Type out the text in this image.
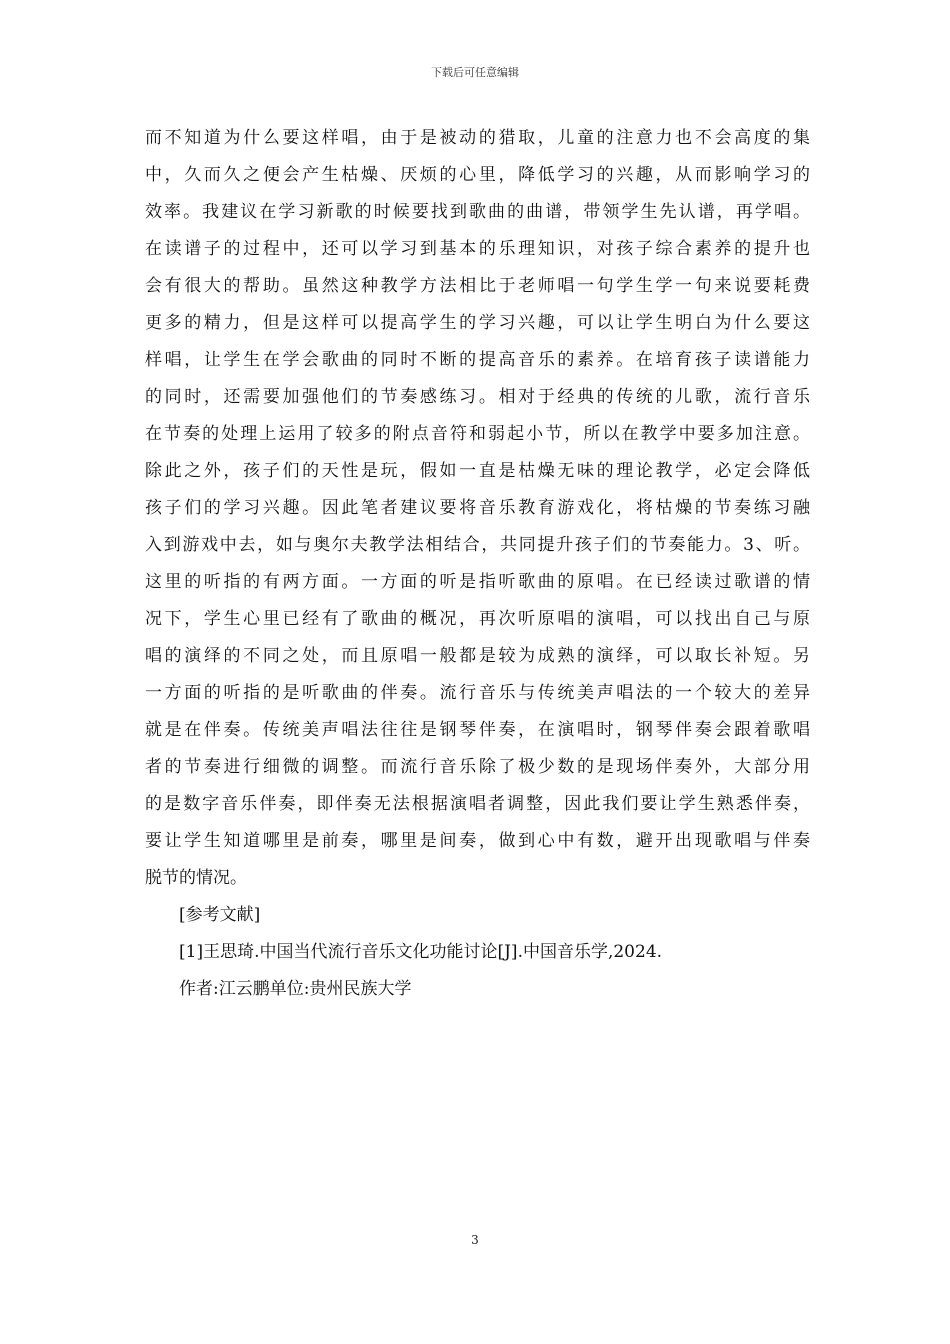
下载后可任意编辑
而不知道为什么要这样唱，由于是被动的猎取，儿童的注意力也不会高度的集
中，久而久之便会产生枯燥、厌烦的心里，降低学习的兴趣，从而影响学习的
效率。我建议在学习新歌的时候要找到歌曲的曲谱，带领学生先认谱，再学唱。
在读谱子的过程中，还可以学习到基本的乐理知识，对孩子综合素养的提升也
会有很大的帮助。虽然这种教学方法相比于老师唱一句学生学一句来说要耗费
更多的精力，但是这样可以提高学生的学习兴趣，可以让学生明白为什么要这
样唱，让学生在学会歌曲的同时不断的提高音乐的素养。在培育孩子读谱能力
的同时，还需要加强他们的节奏感练习。相对于经典的传统的儿歌，流行音乐
在节奏的处理上运用了较多的附点音符和弱起小节，所以在教学中要多加注意。
除此之外，孩子们的天性是玩，假如一直是枯燥无味的理论教学，必定会降低
孩子们的学习兴趣。因此笔者建议要将音乐教育游戏化，将枯燥的节奏练习融
入到游戏中去，如与奥尔夫教学法相结合，共同提升孩子们的节奏能力。3、听。
这里的听指的有两方面。一方面的听是指听歌曲的原唱。在已经读过歌谱的情
况下，学生心里已经有了歌曲的概况，再次听原唱的演唱，可以找出自己与原
唱的演绎的不同之处，而且原唱一般都是较为成熟的演绎，可以取长补短。另
一方面的听指的是听歌曲的伴奏。流行音乐与传统美声唱法的一个较大的差异
就是在伴奏。传统美声唱法往往是钢琴伴奏，在演唱时，钢琴伴奏会跟着歌唱
者的节奏进行细微的调整。而流行音乐除了极少数的是现场伴奏外，大部分用
的是数字音乐伴奏，即伴奏无法根据演唱者调整，因此我们要让学生熟悉伴奏，
要让学生知道哪里是前奏，哪里是间奏，做到心中有数，避开出现歌唱与伴奏
脱节的情况。
[参考文献]
[1]王思琦.中国当代流行音乐文化功能讨论[J].中国音乐学,2024.
作者:江云鹏单位:贵州民族大学
3
